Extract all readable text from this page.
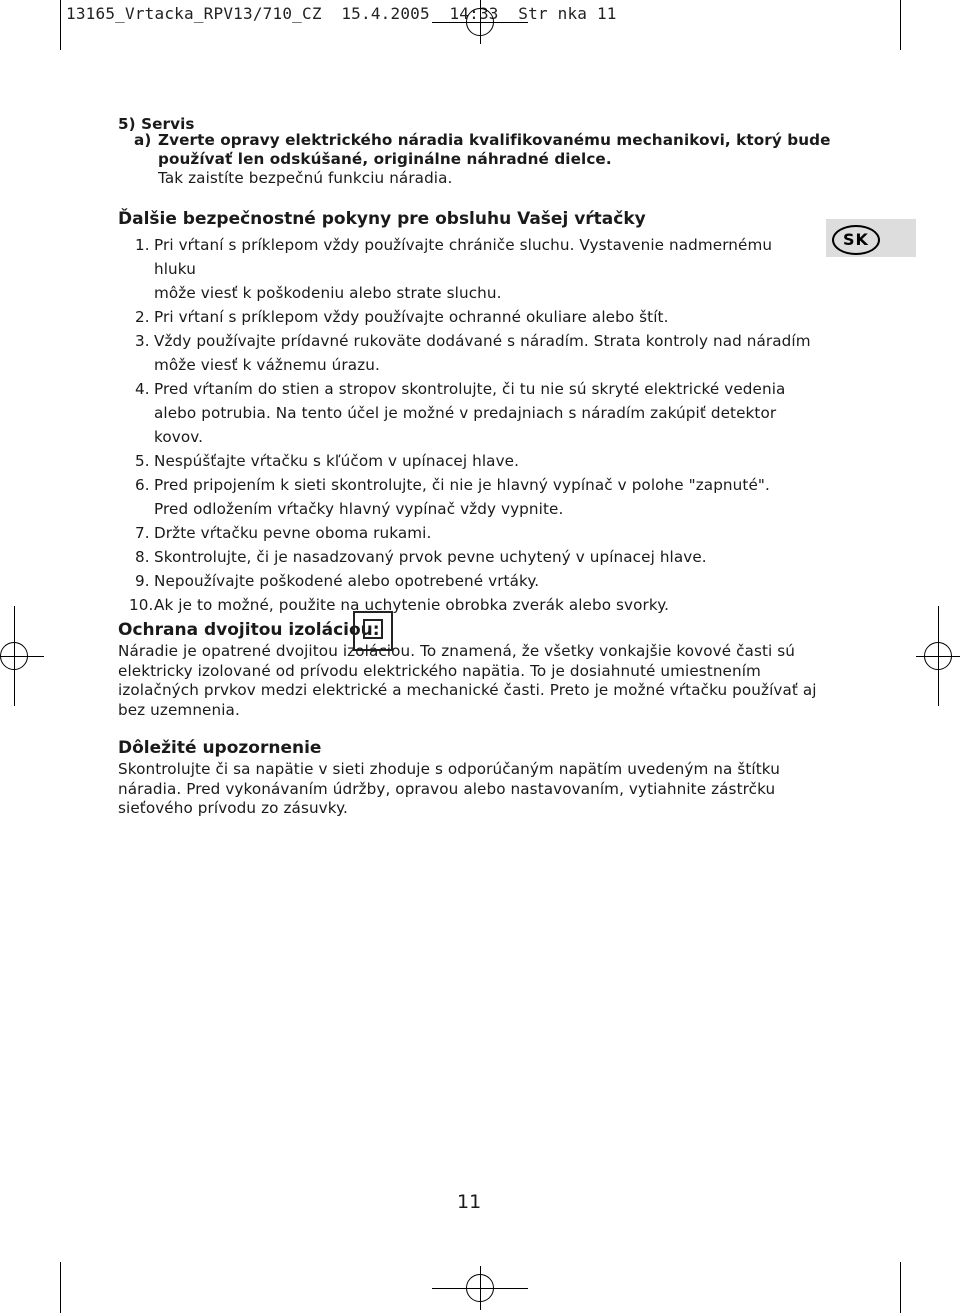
13165_Vrtacka_RPV13/710_CZ  15.4.2005  14:33  Str nka 11
5) Servis
a) Zverte opravy elektrického náradia kvalifikovanému mechanikovi, ktorý bude
používať len odskúšané, originálne náhradné dielce.
Tak zaistíte bezpečnú funkciu náradia.
Ďalšie bezpečnostné pokyny pre obsluhu Vašej vŕtačky
1. Pri vŕtaní s príklepom vždy používajte chrániče sluchu. Vystavenie nadmernému hluku
môže viesť k poškodeniu alebo strate sluchu.
2. Pri vŕtaní s príklepom vždy používajte ochranné okuliare alebo štít.
3. Vždy používajte prídavné rukoväte dodávané s náradím. Strata kontroly nad náradím
môže viesť k vážnemu úrazu.
4. Pred vŕtaním do stien a stropov skontrolujte, či tu nie sú skryté elektrické vedenia
alebo potrubia. Na tento účel je možné v predajniach s náradím zakúpiť detektor
kovov.
5. Nespúšťajte vŕtačku s kľúčom v upínacej hlave.
6. Pred pripojením k sieti skontrolujte, či nie je hlavný vypínač v polohe "zapnuté".
Pred odložením vŕtačky hlavný vypínač vždy vypnite.
7. Držte vŕtačku pevne oboma rukami.
8. Skontrolujte, či je nasadzovaný prvok pevne uchytený v upínacej hlave.
9. Nepoužívajte poškodené alebo opotrebené vrtáky.
10. Ak je to možné, použite na uchytenie obrobka zverák alebo svorky.
SK
Ochrana dvojitou izoláciou:
Náradie je opatrené dvojitou izoláciou. To znamená, že všetky vonkajšie kovové časti sú
elektricky izolované od prívodu elektrického napätia. To je dosiahnuté umiestnením
izolačných prvkov medzi elektrické a mechanické časti. Preto je možné vŕtačku používať aj
bez uzemnenia.
Dôležité upozornenie
Skontrolujte či sa napätie v sieti zhoduje s odporúčaným napätím uvedeným na štítku
náradia. Pred vykonávaním údržby, opravou alebo nastavovaním, vytiahnite zástrčku
sieťového prívodu zo zásuvky.
11
